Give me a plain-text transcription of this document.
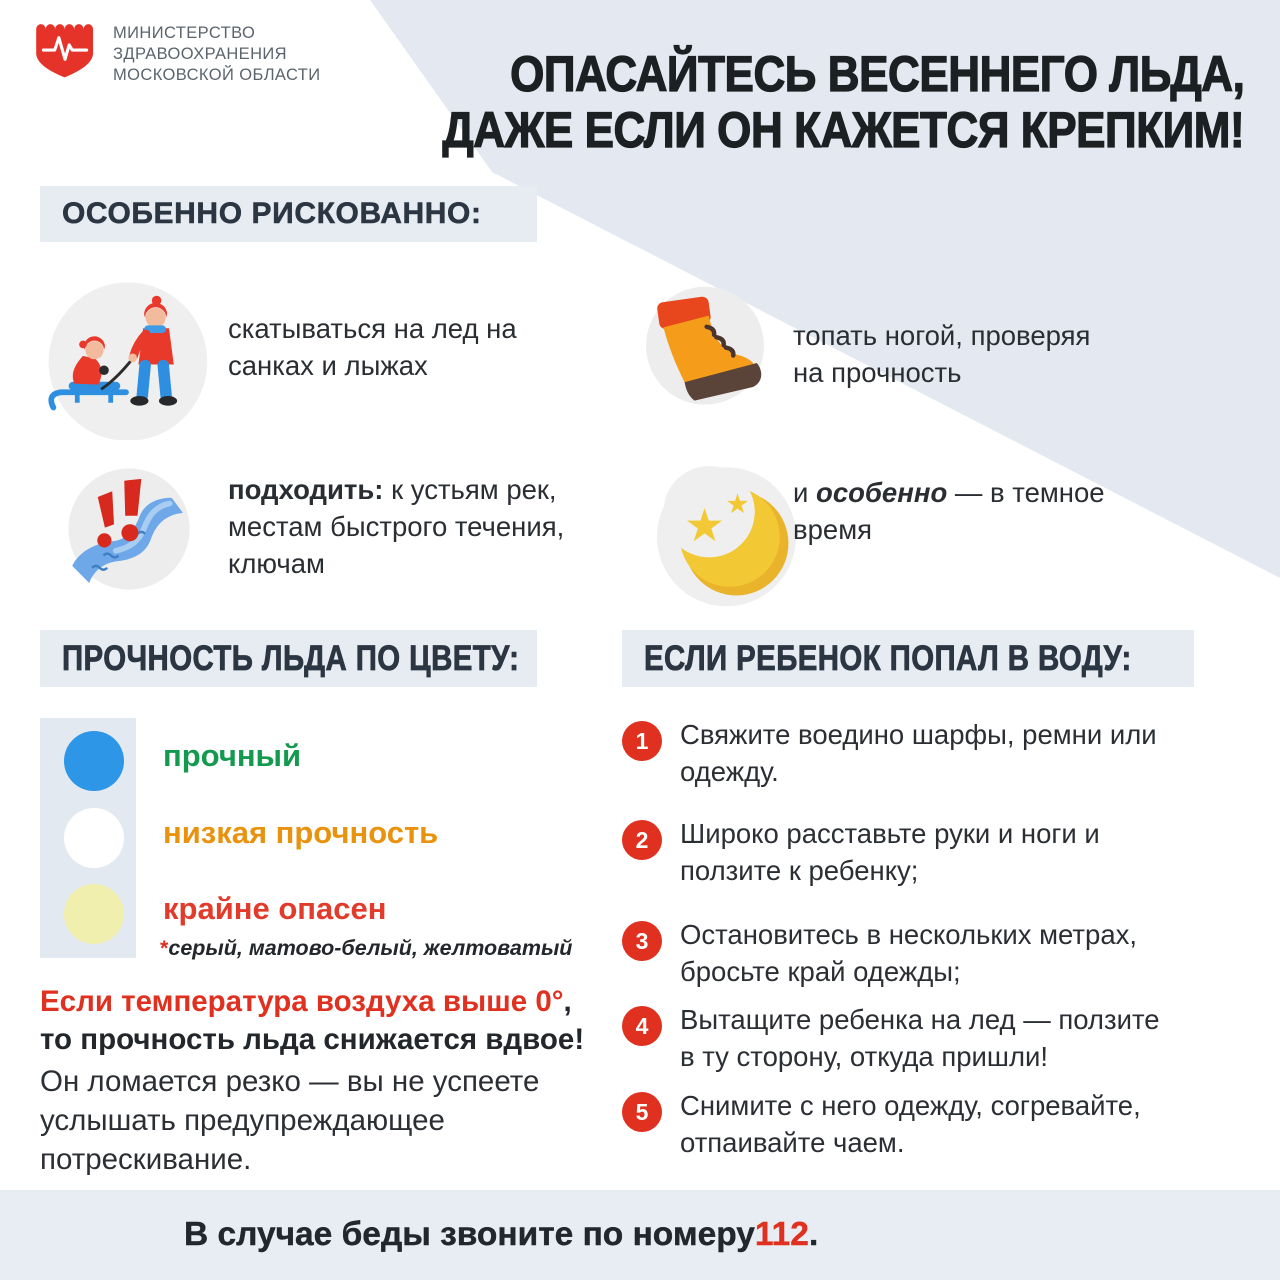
МИНИСТЕРСТВО
ЗДРАВООХРАНЕНИЯ
МОСКОВСКОЙ ОБЛАСТИ	ОПАСАЙТЕСЬ ВЕСЕННЕГО ЛЬДА,
ДАЖЕ ЕСЛИ ОН КАЖЕТСЯ КРЕПКИМ!
ОСОБЕННО РИСКОВАННО:

скатываться на лед на санках и лыжах

топать ногой, проверяя на прочность

подходить: к устьям рек, местам быстрого течения, ключам

★ ★ и особенно — в темное время

ПРОЧНОСТЬ ЛЬДА ПО ЦВЕТУ:
прочный
низкая прочность
крайне опасен
*серый, матово-белый, желтоватый
Если температура воздуха выше 0°,
то прочность льда снижается вдвое!

Он ломается резко — вы не успеете услышать предупреждающее потрескивание.

ЕСЛИ РЕБЕНОК ПОПАЛ В ВОДУ:
1	Свяжите воедино шарфы, ремни или одежду.

2	Широко расставьте руки и ноги и ползите к ребенку;

3	Остановитесь в нескольких метрах, бросьте край одежды;

4	Вытащите ребенка на лед — ползите в ту сторону, откуда пришли!

5	Снимите с него одежду, согревайте, отпаивайте чаем.

В случае беды звоните по номеру 112 .
